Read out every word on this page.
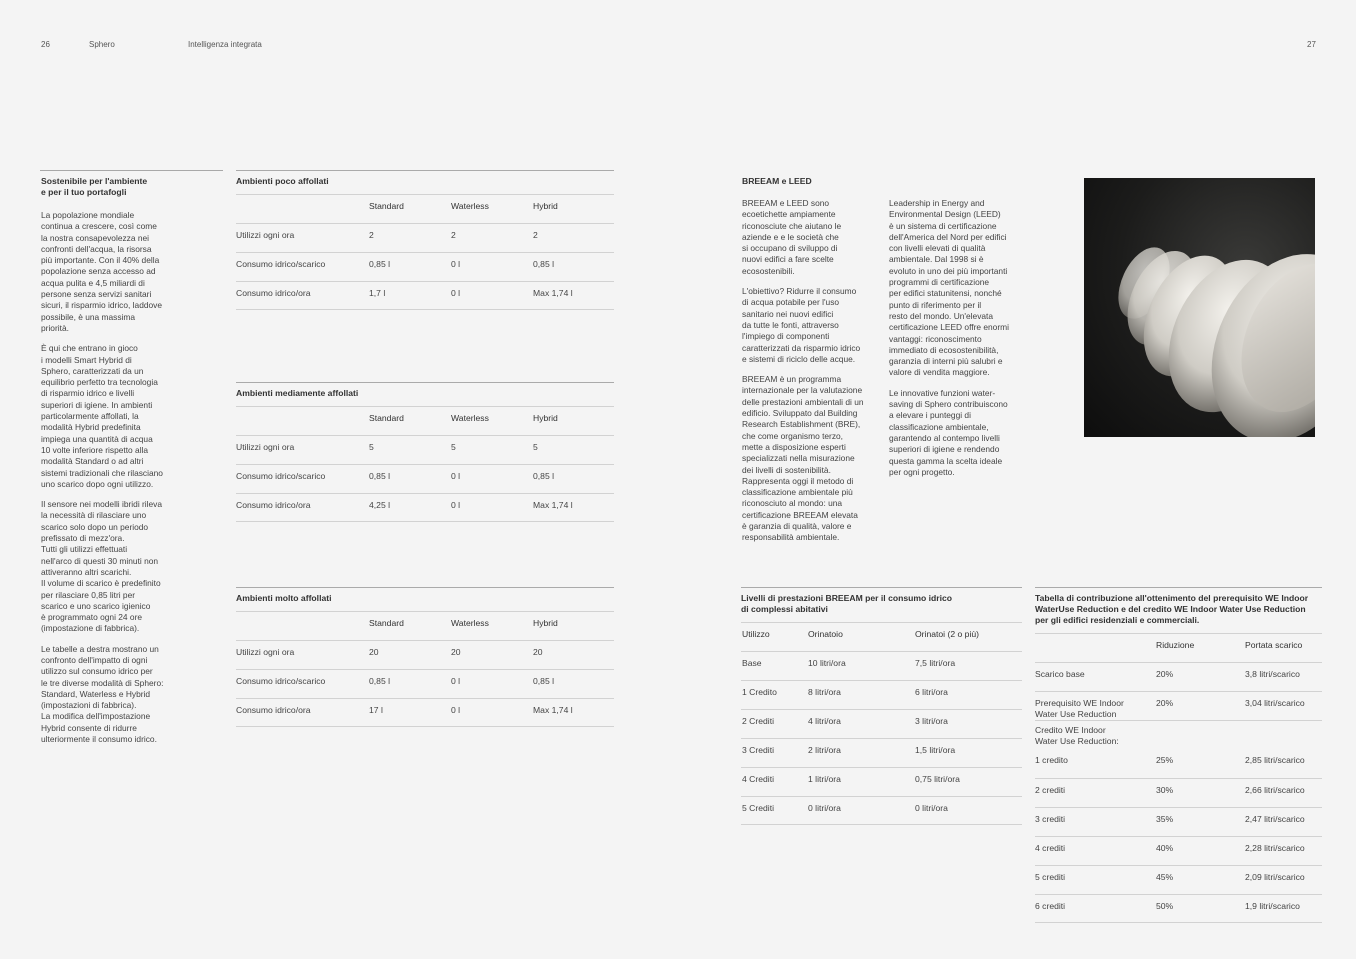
26	Sphero	Intelligenza integrata	27
Sostenibile per l'ambiente
e per il tuo portafogli

La popolazione mondiale
continua a crescere, così come
la nostra consapevolezza nei
confronti dell'acqua, la risorsa
più importante. Con il 40% della
popolazione senza accesso ad
acqua pulita e 4,5 miliardi di
persone senza servizi sanitari
sicuri, il risparmio idrico, laddove
possibile, è una massima
priorità.

È qui che entrano in gioco
i modelli Smart Hybrid di
Sphero, caratterizzati da un
equilibrio perfetto tra tecnologia
di risparmio idrico e livelli
superiori di igiene. In ambienti
particolarmente affollati, la
modalità Hybrid predefinita
impiega una quantità di acqua
10 volte inferiore rispetto alla
modalità Standard o ad altri
sistemi tradizionali che rilasciano
uno scarico dopo ogni utilizzo.

Il sensore nei modelli ibridi rileva
la necessità di rilasciare uno
scarico solo dopo un periodo
prefissato di mezz'ora.
Tutti gli utilizzi effettuati
nell'arco di questi 30 minuti non
attiveranno altri scarichi.
Il volume di scarico è predefinito
per rilasciare 0,85 litri per
scarico e uno scarico igienico
è programmato ogni 24 ore
(impostazione di fabbrica).

Le tabelle a destra mostrano un
confronto dell'impatto di ogni
utilizzo sul consumo idrico per
le tre diverse modalità di Sphero:
Standard, Waterless e Hybrid
(impostazioni di fabbrica).
La modifica dell'impostazione
Hybrid consente di ridurre
ulteriormente il consumo idrico.

Ambienti poco affollati
Standard	Waterless	Hybrid
Utilizzi ogni ora	2	2	2
Consumo idrico/scarico	0,85 l	0 l	0,85 l
Consumo idrico/ora	1,7 l	0 l	Max 1,74 l
Ambienti mediamente affollati
Standard	Waterless	Hybrid
Utilizzi ogni ora	5	5	5
Consumo idrico/scarico	0,85 l	0 l	0,85 l
Consumo idrico/ora	4,25 l	0 l	Max 1,74 l
Ambienti molto affollati
Standard	Waterless	Hybrid
Utilizzi ogni ora	20	20	20
Consumo idrico/scarico	0,85 l	0 l	0,85 l
Consumo idrico/ora	17 l	0 l	Max 1,74 l
BREEAM e LEED

BREEAM e LEED sono
ecoetichette ampiamente
riconosciute che aiutano le
aziende e e le società che
si occupano di sviluppo di
nuovi edifici a fare scelte
ecosostenibili.

L'obiettivo? Ridurre il consumo
di acqua potabile per l'uso
sanitario nei nuovi edifici
da tutte le fonti, attraverso
l'impiego di componenti
caratterizzati da risparmio idrico
e sistemi di riciclo delle acque.

BREEAM è un programma
internazionale per la valutazione
delle prestazioni ambientali di un
edificio. Sviluppato dal Building
Research Establishment (BRE),
che come organismo terzo,
mette a disposizione esperti
specializzati nella misurazione
dei livelli di sostenibilità.
Rappresenta oggi il metodo di
classificazione ambientale più
riconosciuto al mondo: una
certificazione BREEAM elevata
è garanzia di qualità, valore e
responsabilità ambientale.

Leadership in Energy and
Environmental Design (LEED)
è un sistema di certificazione
dell'America del Nord per edifici
con livelli elevati di qualità
ambientale. Dal 1998 si è
evoluto in uno dei più importanti
programmi di certificazione
per edifici statunitensi, nonché
punto di riferimento per il
resto del mondo. Un'elevata
certificazione LEED offre enormi
vantaggi: riconoscimento
immediato di ecosostenibilità,
garanzia di interni più salubri e
valore di vendita maggiore.

Le innovative funzioni water-
saving di Sphero contribuiscono
a elevare i punteggi di
classificazione ambientale,
garantendo al contempo livelli
superiori di igiene e rendendo
questa gamma la scelta ideale
per ogni progetto.

Livelli di prestazioni BREEAM per il consumo idrico
di complessi abitativi
Utilizzo	Orinatoio	Orinatoi (2 o più)
Base	10 litri/ora	7,5 litri/ora
1 Credito	8 litri/ora	6 litri/ora
2 Crediti	4 litri/ora	3 litri/ora
3 Crediti	2 litri/ora	1,5 litri/ora
4 Crediti	1 litri/ora	0,75 litri/ora
5 Crediti	0 litri/ora	0 litri/ora
Tabella di contribuzione all'ottenimento del prerequisito WE Indoor
WaterUse Reduction e del credito WE Indoor Water Use Reduction
per gli edifici residenziali e commerciali.
Riduzione	Portata scarico
Scarico base	20%	3,8 litri/scarico
Prerequisito WE Indoor
Water Use Reduction
20%	3,04 litri/scarico
Credito WE Indoor
Water Use Reduction:
1 credito	25%	2,85 litri/scarico
2 crediti	30%	2,66 litri/scarico
3 crediti	35%	2,47 litri/scarico
4 crediti	40%	2,28 litri/scarico
5 crediti	45%	2,09 litri/scarico
6 crediti	50%	1,9 litri/scarico
